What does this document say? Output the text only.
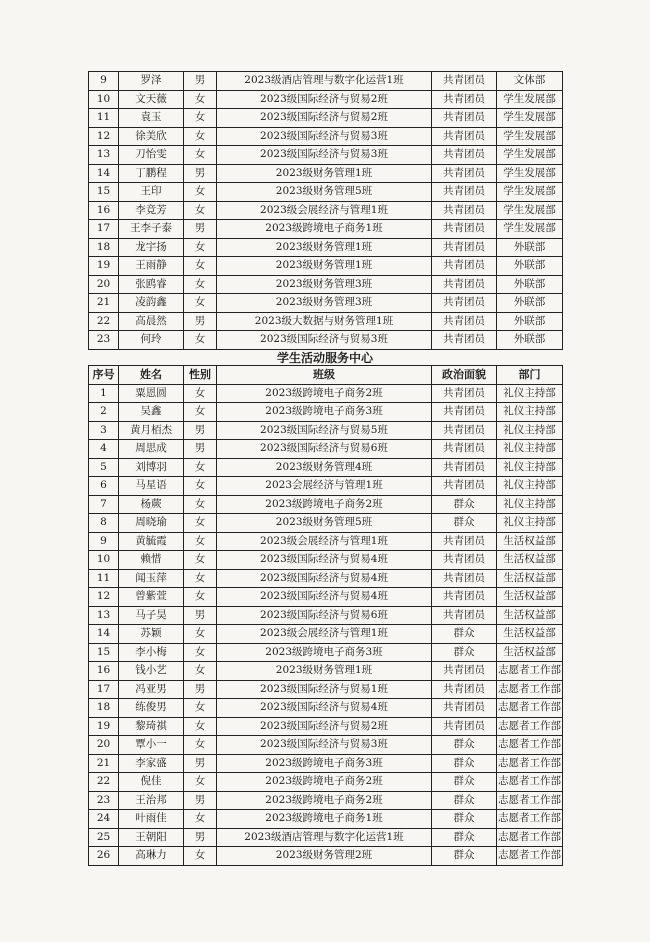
9	罗泽	男	2023级酒店管理与数字化运营1班	共青团员	文体部
10	文天薇	女	2023级国际经济与贸易2班	共青团员	学生发展部
11	袁玉	女	2023级国际经济与贸易2班	共青团员	学生发展部
12	徐美欣	女	2023级国际经济与贸易3班	共青团员	学生发展部
13	刀怡雯	女	2023级国际经济与贸易3班	共青团员	学生发展部
14	丁鹏程	男	2023级财务管理1班	共青团员	学生发展部
15	王印	女	2023级财务管理5班	共青团员	学生发展部
16	李竞芳	女	2023级会展经济与管理1班	共青团员	学生发展部
17	王李子泰	男	2023级跨境电子商务1班	共青团员	学生发展部
18	龙宇扬	女	2023级财务管理1班	共青团员	外联部
19	王雨静	女	2023级财务管理1班	共青团员	外联部
20	张鸥睿	女	2023级财务管理3班	共青团员	外联部
21	凌韵鑫	女	2023级财务管理3班	共青团员	外联部
22	高晨然	男	2023级大数据与财务管理1班	共青团员	外联部
23	何玲	女	2023级国际经济与贸易3班	共青团员	外联部
学生活动服务中心
序号	姓名	性别	班级	政治面貌	部门
1	粟恩圆	女	2023级跨境电子商务2班	共青团员	礼仪主持部
2	吴鑫	女	2023级跨境电子商务3班	共青团员	礼仪主持部
3	黄月栢杰	男	2023级国际经济与贸易5班	共青团员	礼仪主持部
4	周思成	男	2023级国际经济与贸易6班	共青团员	礼仪主持部
5	刘博羽	女	2023级财务管理4班	共青团员	礼仪主持部
6	马星语	女	2023会展经济与管理1班	共青团员	礼仪主持部
7	杨蕨	女	2023级跨境电子商务2班	群众	礼仪主持部
8	周晓瑜	女	2023级财务管理5班	群众	礼仪主持部
9	黄毓霞	女	2023级会展经济与管理1班	共青团员	生活权益部
10	赖惜	女	2023级国际经济与贸易4班	共青团员	生活权益部
11	闻玉萍	女	2023级国际经济与贸易4班	共青团员	生活权益部
12	曾紫萱	女	2023级国际经济与贸易4班	共青团员	生活权益部
13	马子昊	男	2023级国际经济与贸易6班	共青团员	生活权益部
14	苏颖	女	2023级会展经济与管理1班	群众	生活权益部
15	李小梅	女	2023级跨境电子商务3班	群众	生活权益部
16	钱小艺	女	2023级财务管理1班	共青团员	志愿者工作部
17	冯亚男	男	2023级国际经济与贸易1班	共青团员	志愿者工作部
18	练俊男	女	2023级国际经济与贸易4班	共青团员	志愿者工作部
19	黎琦祺	女	2023级国际经济与贸易2班	共青团员	志愿者工作部
20	覃小一	女	2023级国际经济与贸易3班	群众	志愿者工作部
21	李家盛	男	2023级跨境电子商务3班	群众	志愿者工作部
22	倪佳	女	2023级跨境电子商务2班	群众	志愿者工作部
23	王治邦	男	2023级跨境电子商务2班	群众	志愿者工作部
24	叶雨佳	女	2023级跨境电子商务1班	群众	志愿者工作部
25	王朝阳	男	2023级酒店管理与数字化运营1班	群众	志愿者工作部
26	高琳力	女	2023级财务管理2班	群众	志愿者工作部
